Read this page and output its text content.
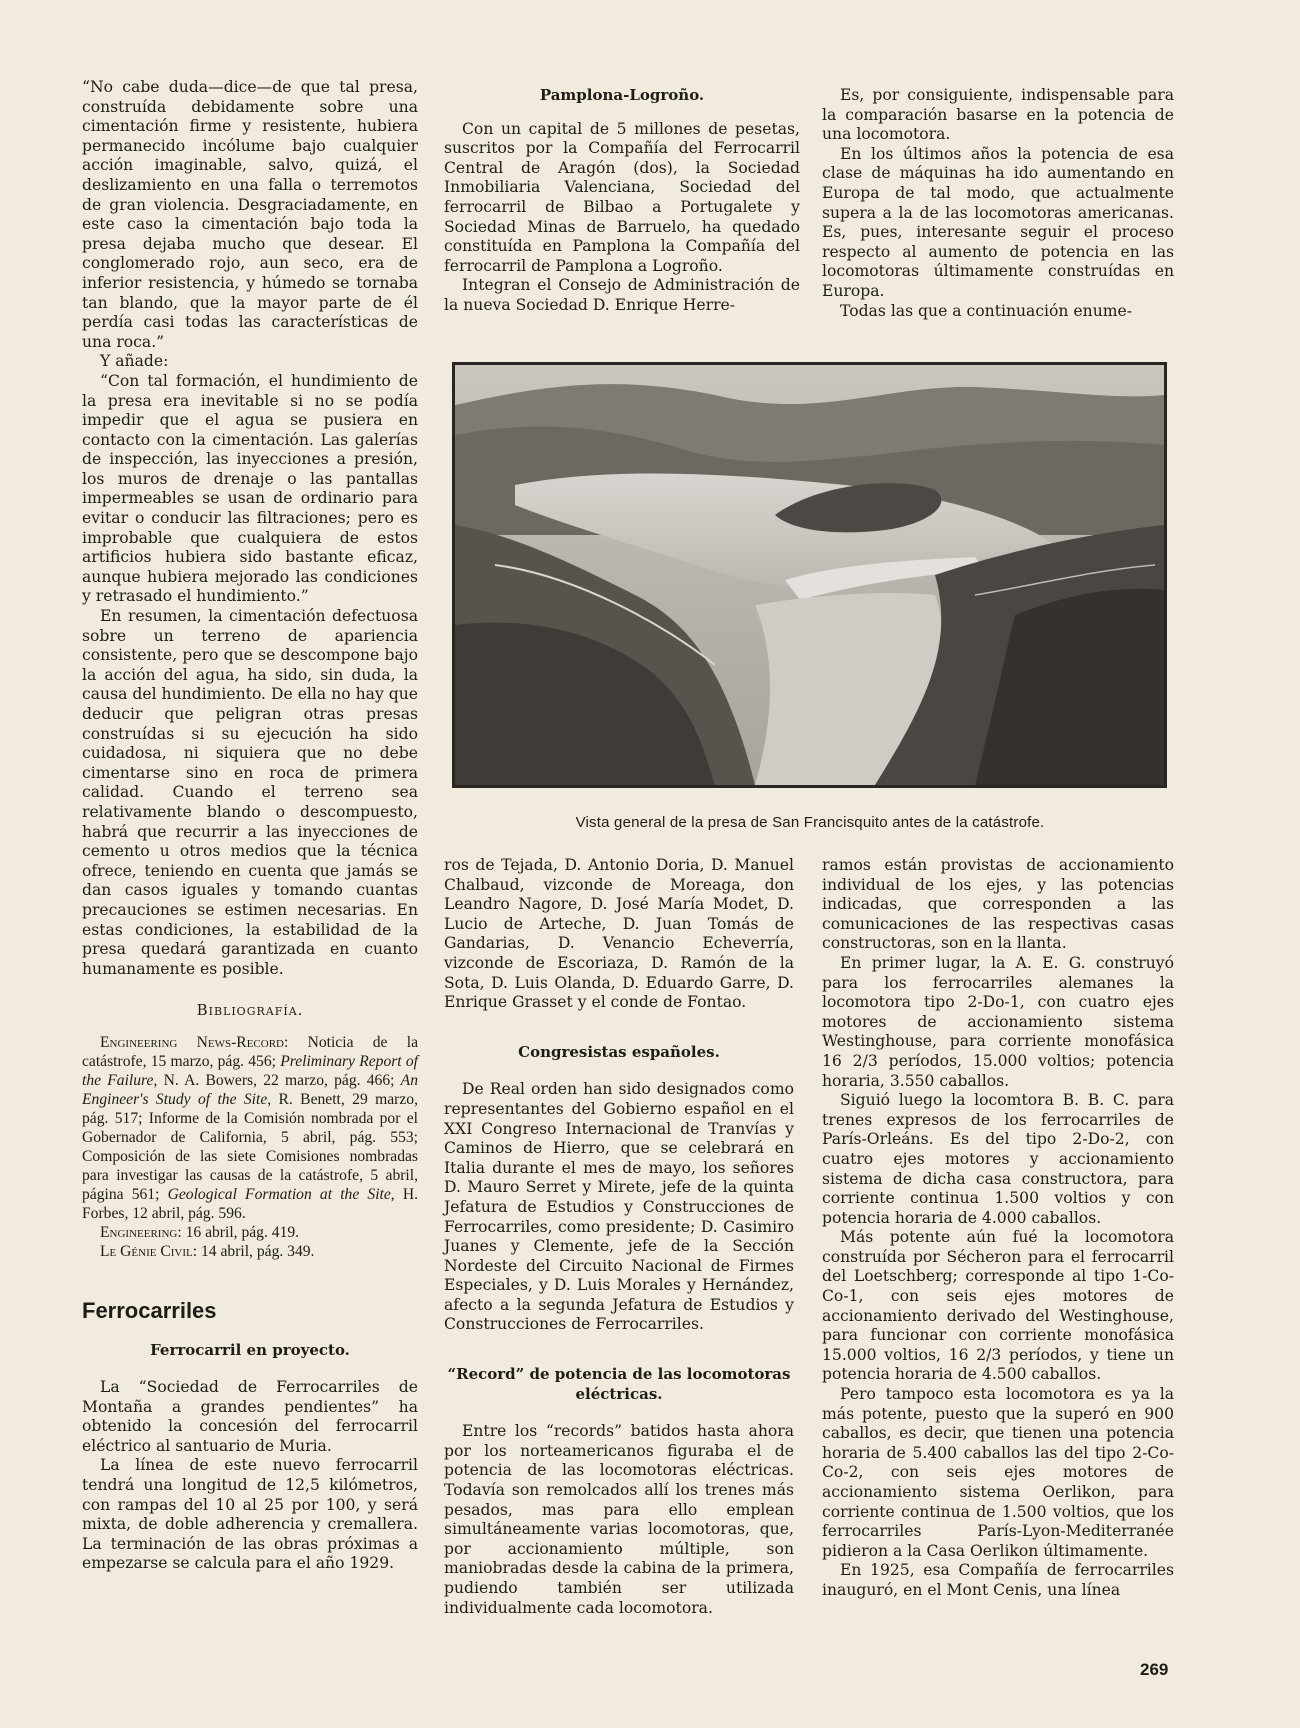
“No cabe duda—dice—de que tal presa, construída debidamente sobre una cimentación firme y resistente, hubiera permanecido incólume bajo cualquier acción imaginable, salvo, quizá, el deslizamiento en una falla o terremotos de gran violencia. Desgraciadamente, en este caso la cimentación bajo toda la presa dejaba mucho que desear. El conglomerado rojo, aun seco, era de inferior resistencia, y húmedo se tornaba tan blando, que la mayor parte de él perdía casi todas las características de una roca.”

Y añade:

“Con tal formación, el hundimiento de la presa era inevitable si no se podía impedir que el agua se pusiera en contacto con la cimentación. Las galerías de inspección, las inyecciones a presión, los muros de drenaje o las pantallas impermeables se usan de ordinario para evitar o conducir las filtraciones; pero es improbable que cualquiera de estos artificios hubiera sido bastante eficaz, aunque hubiera mejorado las condiciones y retrasado el hundimiento.”

En resumen, la cimentación defectuosa sobre un terreno de apariencia consistente, pero que se descompone bajo la acción del agua, ha sido, sin duda, la causa del hundimiento. De ella no hay que deducir que peligran otras presas construídas si su ejecución ha sido cuidadosa, ni siquiera que no debe cimentarse sino en roca de primera calidad. Cuando el terreno sea relativamente blando o descompuesto, habrá que recurrir a las inyecciones de cemento u otros medios que la técnica ofrece, teniendo en cuenta que jamás se dan casos iguales y tomando cuantas precauciones se estimen necesarias. En estas condiciones, la estabilidad de la presa quedará garantizada en cuanto humanamente es posible.

Bibliografía.

Engineering News-Record: Noticia de la catástrofe, 15 marzo, pág. 456; Preliminary Report of the Failure, N. A. Bowers, 22 marzo, pág. 466; An Engineer's Study of the Site, R. Benett, 29 marzo, pág. 517; Informe de la Comisión nombrada por el Gobernador de California, 5 abril, pág. 553; Composición de las siete Comisiones nombradas para investigar las causas de la catástrofe, 5 abril, página 561; Geological Formation at the Site, H. Forbes, 12 abril, pág. 596.

Engineering: 16 abril, pág. 419.

Le Génie Civil: 14 abril, pág. 349.

Ferrocarriles
Ferrocarril en proyecto.

La “Sociedad de Ferrocarriles de Montaña a grandes pendientes” ha obtenido la concesión del ferrocarril eléctrico al santuario de Muria.

La línea de este nuevo ferrocarril tendrá una longitud de 12,5 kilómetros, con rampas del 10 al 25 por 100, y será mixta, de doble adherencia y cremallera. La terminación de las obras próximas a empezarse se calcula para el año 1929.

Pamplona-Logroño.

Con un capital de 5 millones de pesetas, suscritos por la Compañía del Ferrocarril Central de Aragón (dos), la Sociedad Inmobiliaria Valenciana, Sociedad del ferrocarril de Bilbao a Portugalete y Sociedad Minas de Barruelo, ha quedado constituída en Pamplona la Compañía del ferrocarril de Pamplona a Logroño.

Integran el Consejo de Administración de la nueva Sociedad D. Enrique Herre-

Es, por consiguiente, indispensable para la comparación basarse en la potencia de una locomotora.

En los últimos años la potencia de esa clase de máquinas ha ido aumentando en Europa de tal modo, que actualmente supera a la de las locomotoras americanas. Es, pues, interesante seguir el proceso respecto al aumento de potencia en las locomotoras últimamente construídas en Europa.

Todas las que a continuación enume-

Vista general de la presa de San Francisquito antes de la catástrofe.

ros de Tejada, D. Antonio Doria, D. Manuel Chalbaud, vizconde de Moreaga, don Leandro Nagore, D. José María Modet, D. Lucio de Arteche, D. Juan Tomás de Gandarias, D. Venancio Echeverría, vizconde de Escoriaza, D. Ramón de la Sota, D. Luis Olanda, D. Eduardo Garre, D. Enrique Grasset y el conde de Fontao.

Congresistas españoles.

De Real orden han sido designados como representantes del Gobierno español en el XXI Congreso Internacional de Tranvías y Caminos de Hierro, que se celebrará en Italia durante el mes de mayo, los señores D. Mauro Serret y Mirete, jefe de la quinta Jefatura de Estudios y Construcciones de Ferrocarriles, como presidente; D. Casimiro Juanes y Clemente, jefe de la Sección Nordeste del Circuito Nacional de Firmes Especiales, y D. Luis Morales y Hernández, afecto a la segunda Jefatura de Estudios y Construcciones de Ferrocarriles.

“Record” de potencia de las locomotoras eléctricas.

Entre los “records” batidos hasta ahora por los norteamericanos figuraba el de potencia de las locomotoras eléctricas. Todavía son remolcados allí los trenes más pesados, mas para ello emplean simultáneamente varias locomotoras, que, por accionamiento múltiple, son maniobradas desde la cabina de la primera, pudiendo también ser utilizada individualmente cada locomotora.

ramos están provistas de accionamiento individual de los ejes, y las potencias indicadas, que corresponden a las comunicaciones de las respectivas casas constructoras, son en la llanta.

En primer lugar, la A. E. G. construyó para los ferrocarriles alemanes la locomotora tipo 2-Do-1, con cuatro ejes motores de accionamiento sistema Westinghouse, para corriente monofásica 16 2/3 períodos, 15.000 voltios; potencia horaria, 3.550 caballos.

Siguió luego la locomtora B. B. C. para trenes expresos de los ferrocarriles de París-Orleáns. Es del tipo 2-Do-2, con cuatro ejes motores y accionamiento sistema de dicha casa constructora, para corriente continua 1.500 voltios y con potencia horaria de 4.000 caballos.

Más potente aún fué la locomotora construída por Sécheron para el ferrocarril del Loetschberg; corresponde al tipo 1-Co-Co-1, con seis ejes motores de accionamiento derivado del Westinghouse, para funcionar con corriente monofásica 15.000 voltios, 16 2/3 períodos, y tiene un potencia horaria de 4.500 caballos.

Pero tampoco esta locomotora es ya la más potente, puesto que la superó en 900 caballos, es decir, que tienen una potencia horaria de 5.400 caballos las del tipo 2-Co-Co-2, con seis ejes motores de accionamiento sistema Oerlikon, para corriente continua de 1.500 voltios, que los ferrocarriles París-Lyon-Mediterranée pidieron a la Casa Oerlikon últimamente.

En 1925, esa Compañía de ferrocarriles inauguró, en el Mont Cenis, una línea

269
